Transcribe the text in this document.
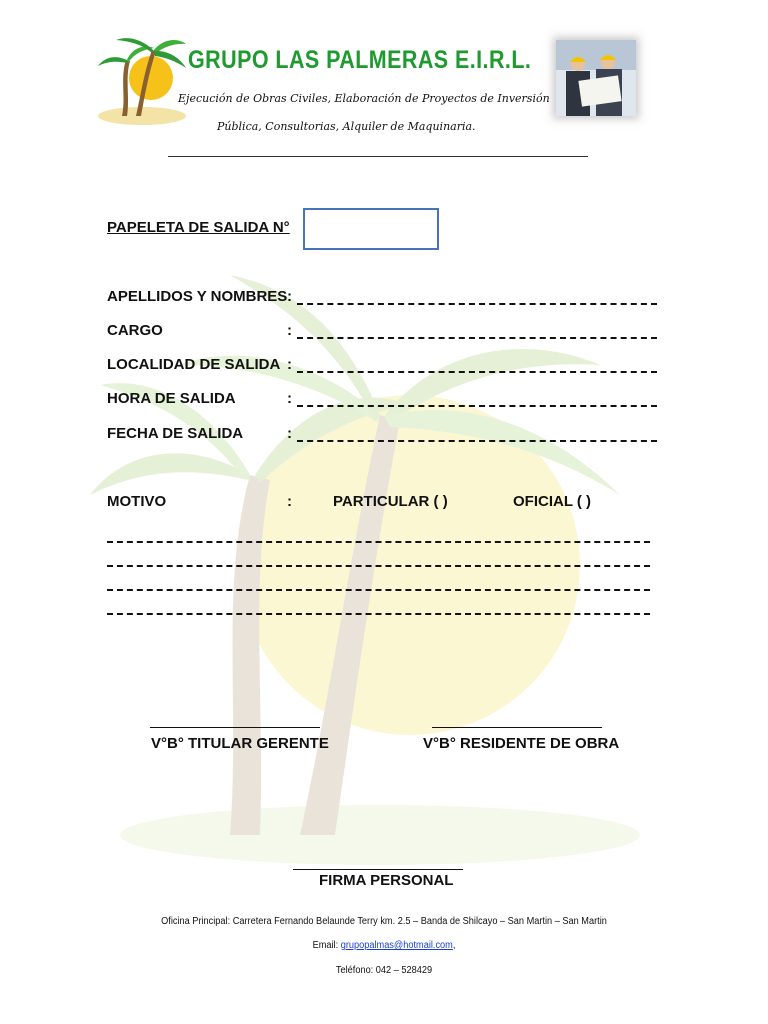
GRUPO LAS PALMERAS E.I.R.L.
Ejecución de Obras Civiles, Elaboración de Proyectos de Inversión
Pública, Consultorias, Alquiler de Maquinaria.
PAPELETA DE SALIDA N°
APELLIDOS Y NOMBRES :
CARGO	:
LOCALIDAD DE SALIDA :
HORA DE SALIDA	:
FECHA DE SALIDA	:
MOTIVO	:	PARTICULAR ( )	OFICIAL ( )
V°B° TITULAR GERENTE	V°B° RESIDENTE DE OBRA
FIRMA PERSONAL
Oficina Principal: Carretera Fernando Belaunde Terry km. 2.5 – Banda de Shilcayo – San Martin – San Martin
Email: grupopalmas@hotmail.com,
Teléfono: 042 – 528429
